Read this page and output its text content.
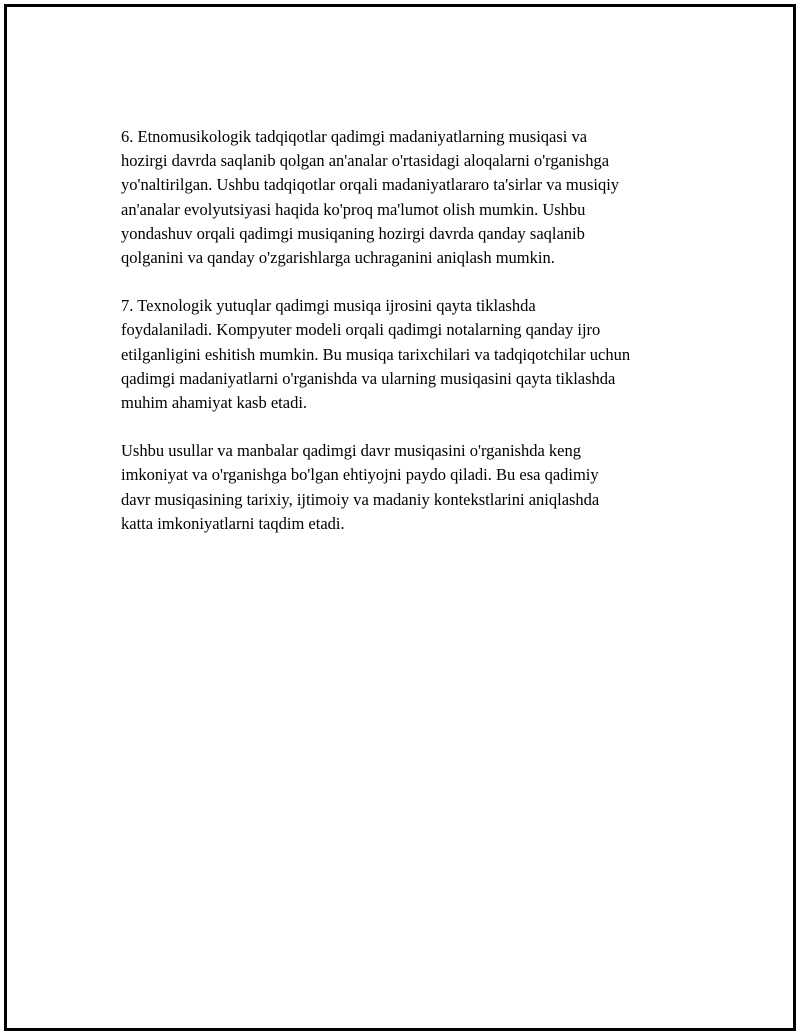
6. Etnomusikologik tadqiqotlar qadimgi madaniyatlarning musiqasi va
hozirgi davrda saqlanib qolgan an'analar o'rtasidagi aloqalarni o'rganishga
yo'naltirilgan. Ushbu tadqiqotlar orqali madaniyatlararo ta'sirlar va musiqiy
an'analar evolyutsiyasi haqida ko'proq ma'lumot olish mumkin. Ushbu
yondashuv orqali qadimgi musiqaning hozirgi davrda qanday saqlanib
qolganini va qanday o'zgarishlarga uchraganini aniqlash mumkin.

7. Texnologik yutuqlar qadimgi musiqa ijrosini qayta tiklashda
foydalaniladi. Kompyuter modeli orqali qadimgi notalarning qanday ijro
etilganligini eshitish mumkin. Bu musiqa tarixchilari va tadqiqotchilar uchun
qadimgi madaniyatlarni o'rganishda va ularning musiqasini qayta tiklashda
muhim ahamiyat kasb etadi.

Ushbu usullar va manbalar qadimgi davr musiqasini o'rganishda keng
imkoniyat va o'rganishga bo'lgan ehtiyojni paydo qiladi. Bu esa qadimiy
davr musiqasining tarixiy, ijtimoiy va madaniy kontekstlarini aniqlashda
katta imkoniyatlarni taqdim etadi.
